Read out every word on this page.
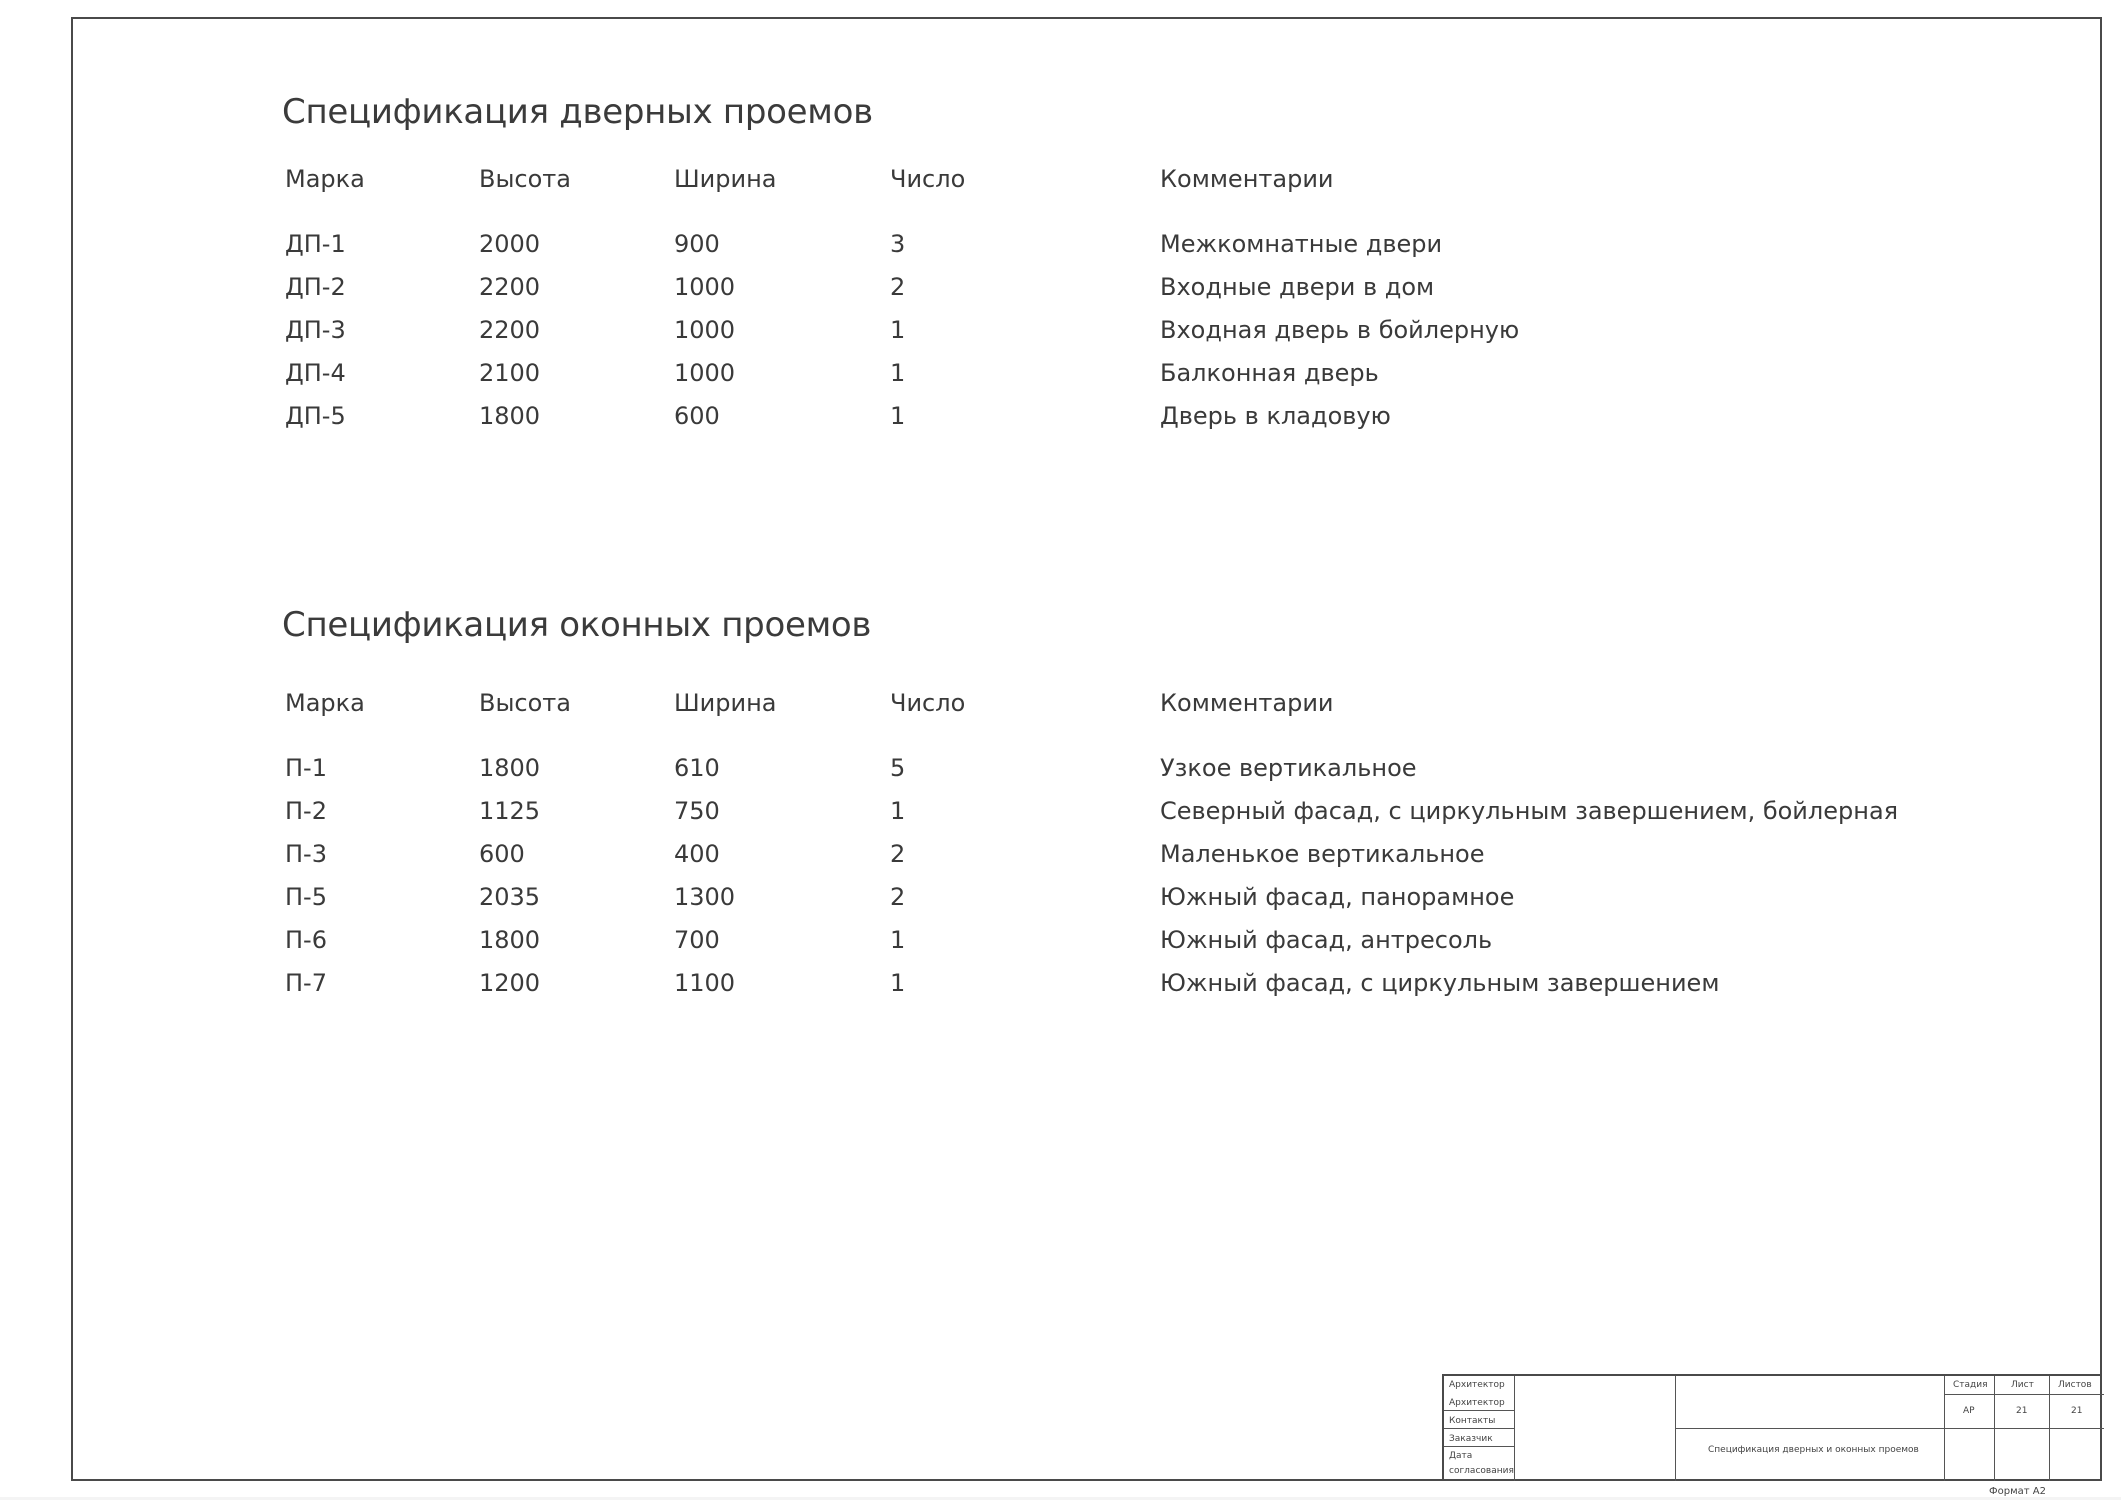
Спецификация дверных проемов
Марка	Высота	Ширина	Число	Комментарии
ДП-1	2000	900	3	Межкомнатные двери
ДП-2	2200	1000	2	Входные двери в дом
ДП-3	2200	1000	1	Входная дверь в бойлерную
ДП-4	2100	1000	1	Балконная дверь
ДП-5	1800	600	1	Дверь в кладовую
Спецификация оконных проемов
Марка	Высота	Ширина	Число	Комментарии
П-1	1800	610	5	Узкое вертикальное
П-2	1125	750	1	Северный фасад, с циркульным завершением, бойлерная
П-3	600	400	2	Маленькое вертикальное
П-5	2035	1300	2	Южный фасад, панорамное
П-6	1800	700	1	Южный фасад, антресоль
П-7	1200	1100	1	Южный фасад, с циркульным завершением
Архитектор
Архитектор
Контакты
Заказчик
Дата
согласования
Спецификация дверных и оконных проемов
Стадия	Лист	Листов
АР	21	21
Формат А2
